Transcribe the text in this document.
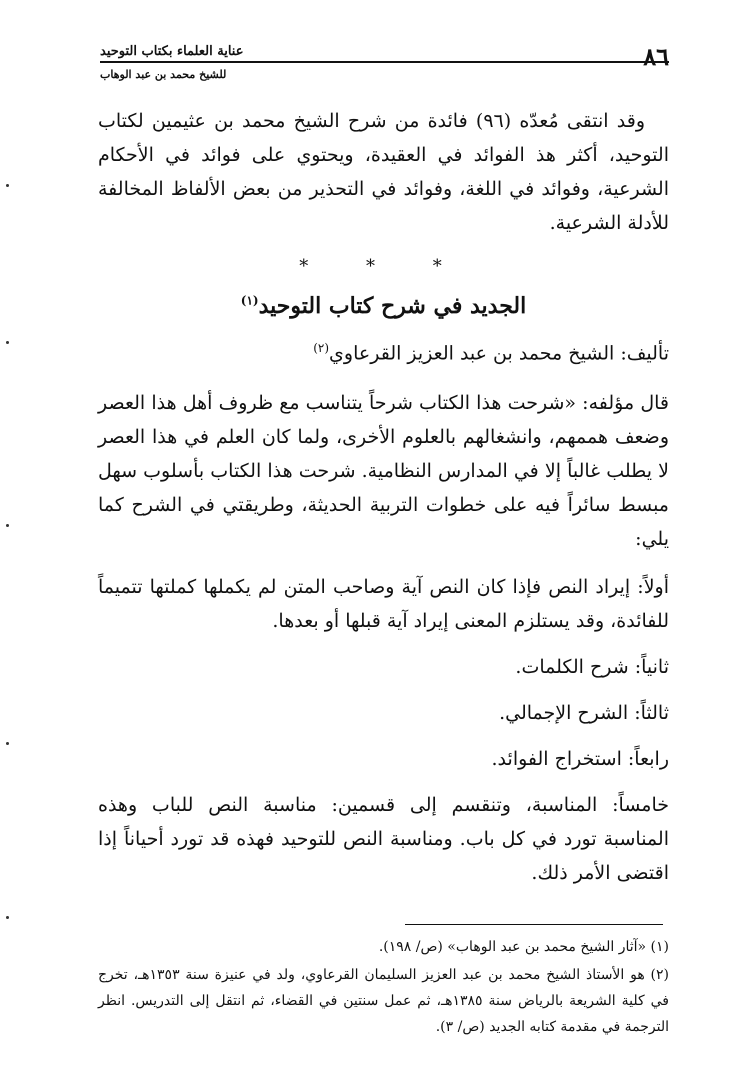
٨٦
عناية العلماء بكتاب التوحيد
للشيخ محمد بن عبد الوهاب

وقد انتقى مُعدّه (٩٦) فائدة من شرح الشيخ محمد بن عثيمين لكتاب التوحيد، أكثر هذ الفوائد في العقيدة، ويحتوي على فوائد في الأحكام الشرعية، وفوائد في اللغة، وفوائد في التحذير من بعض الألفاظ المخالفة للأدلة الشرعية.

* * *
الجديد في شرح كتاب التوحيد$^{(١)}$
تأليف: الشيخ محمد بن عبد العزيز القرعاوي$^{(٢)}$

قال مؤلفه: «شرحت هذا الكتاب شرحاً يتناسب مع ظروف أهل هذا العصر وضعف هممهم، وانشغالهم بالعلوم الأخرى، ولما كان العلم في هذا العصر لا يطلب غالباً إلا في المدارس النظامية. شرحت هذا الكتاب بأسلوب سهل مبسط سائراً فيه على خطوات التربية الحديثة، وطريقتي في الشرح كما يلي:

أولاً: إيراد النص فإذا كان النص آية وصاحب المتن لم يكملها كملتها تتميماً للفائدة، وقد يستلزم المعنى إيراد آية قبلها أو بعدها.

ثانياً: شرح الكلمات.

ثالثاً: الشرح الإجمالي.

رابعاً: استخراج الفوائد.

خامساً: المناسبة، وتنقسم إلى قسمين: مناسبة النص للباب وهذه المناسبة تورد في كل باب. ومناسبة النص للتوحيد فهذه قد تورد أحياناً إذا اقتضى الأمر ذلك.

(١) «آثار الشيخ محمد بن عبد الوهاب» (ص/ ١٩٨).

(٢) هو الأستاذ الشيخ محمد بن عبد العزيز السليمان القرعاوي، ولد في عنيزة سنة ١٣٥٣هـ، تخرج في كلية الشريعة بالرياض سنة ١٣٨٥هـ، ثم عمل سنتين في القضاء، ثم انتقل إلى التدريس. انظر الترجمة في مقدمة كتابه الجديد (ص/ ٣).
